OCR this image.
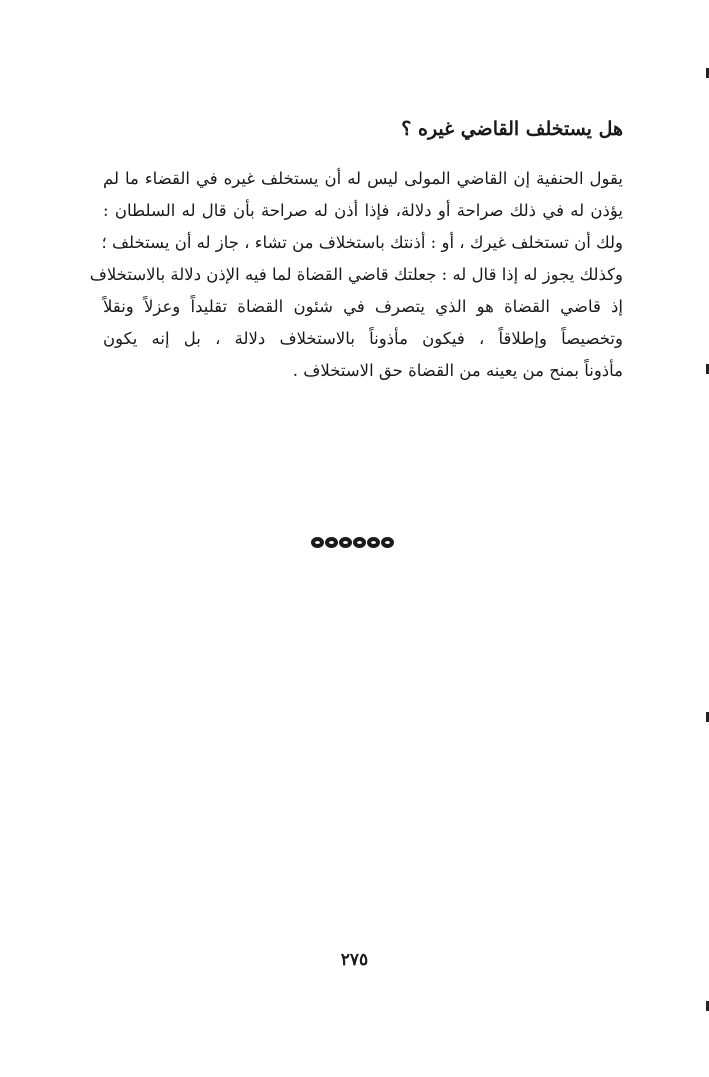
هل يستخلف القاضي غيره ؟
يقول الحنفية إن القاضي المولى ليس له أن يستخلف غيره في القضاء ما لم
يؤذن له في ذلك صراحة أو دلالة، فإذا أذن له صراحة بأن قال له السلطان :
ولك أن تستخلف غيرك ، أو : أذنتك باستخلاف من تشاء ، جاز له أن يستخلف ؛
وكذلك يجوز له إذا قال له : جعلتك قاضي القضاة لما فيه الإذن دلالة بالاستخلاف
إذ قاضي القضاة هو الذي يتصرف في شئون القضاة تقليداً وعزلاً ونقلاً
وتخصيصاً وإطلاقاً ، فيكون مأذوناً بالاستخلاف دلالة ، بل إنه يكون
مأذوناً بمنح من يعينه من القضاة حق الاستخلاف .
٢٧٥
